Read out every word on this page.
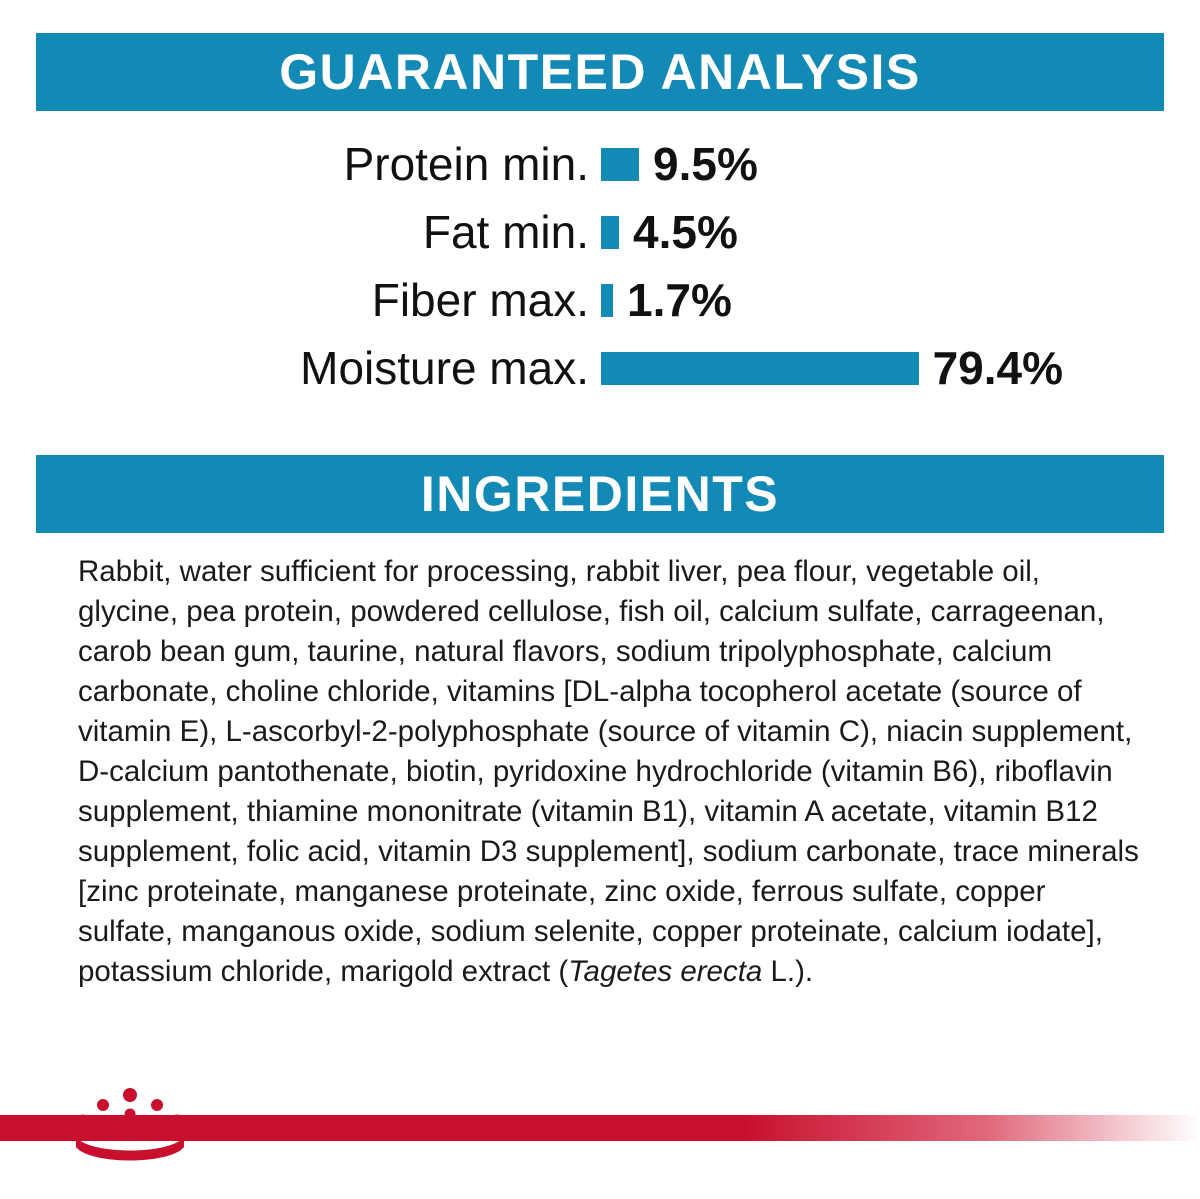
GUARANTEED ANALYSIS
Protein min. 9.5%
Fat min. 4.5%
Fiber max. 1.7%
Moisture max.	79.4%
INGREDIENTS
Rabbit, water sufficient for processing, rabbit liver, pea flour, vegetable oil, glycine, pea protein, powdered cellulose, fish oil, calcium sulfate, carrageenan, carob bean gum, taurine, natural flavors, sodium tripolyphosphate, calcium carbonate, choline chloride, vitamins [DL-alpha tocopherol acetate (source of vitamin E), L-ascorbyl-2-polyphosphate (source of vitamin C), niacin supplement, D-calcium pantothenate, biotin, pyridoxine hydrochloride (vitamin B6), riboflavin supplement, thiamine mononitrate (vitamin B1), vitamin A acetate, vitamin B12 supplement, folic acid, vitamin D3 supplement], sodium carbonate, trace minerals [zinc proteinate, manganese proteinate, zinc oxide, ferrous sulfate, copper sulfate, manganous oxide, sodium selenite, copper proteinate, calcium iodate], potassium chloride, marigold extract (Tagetes erecta L.).
